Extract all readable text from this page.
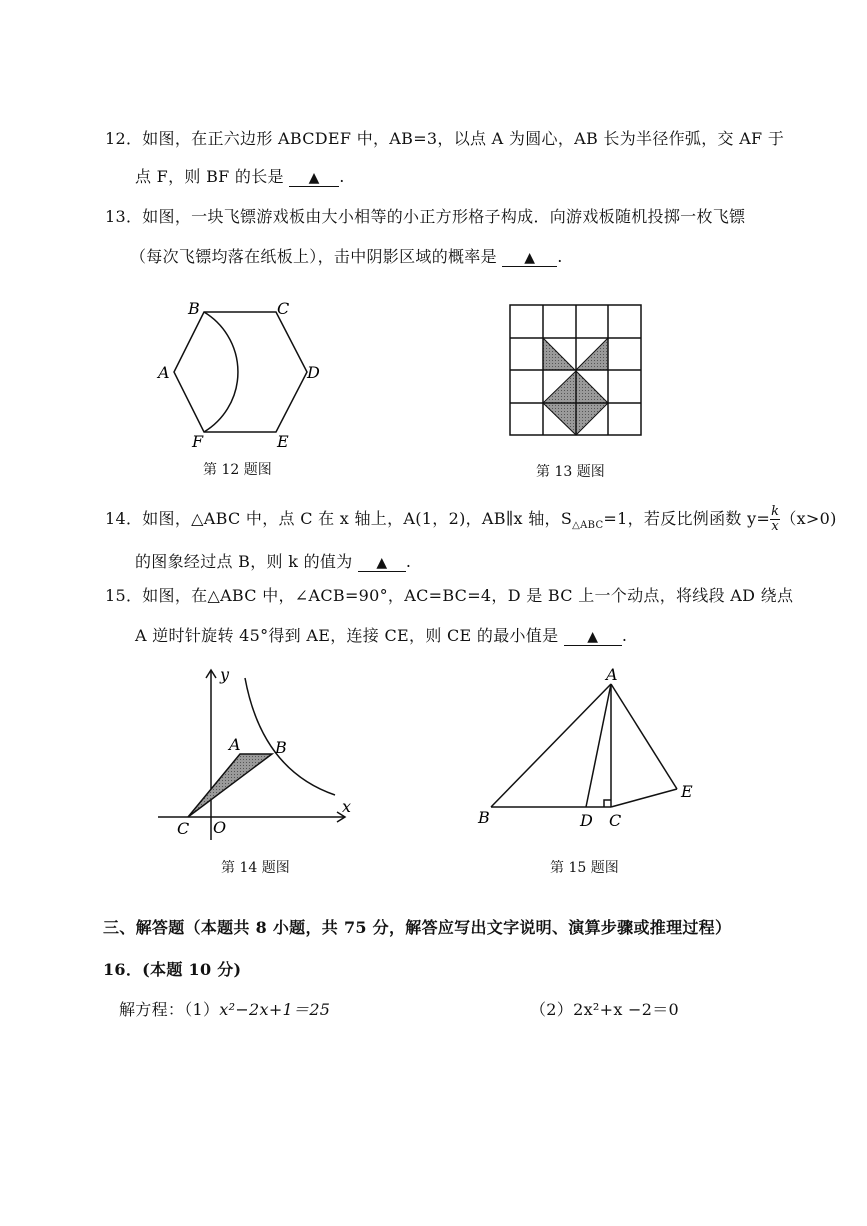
12．如图，在正六边形 ABCDEF 中，AB=3，以点 A 为圆心，AB 长为半径作弧，交 AF 于
点 F，则 BF 的长是 ▲ .
13．如图，一块飞镖游戏板由大小相等的小正方形格子构成．向游戏板随机投掷一枚飞镖
（每次飞镖均落在纸板上），击中阴影区域的概率是 ▲ .
B	C
A	D
F	E
第 12 题图	第 13 题图
14．如图，△ABC 中，点 C 在 x 轴上，A(1，2)，AB∥x 轴，$S_{\triangle ABC}=1$，若反比例函数 $y= \frac{k}{x} (x>0)$
的图象经过点 B，则 k 的值为 ▲ .
15．如图，在△ABC 中，∠ACB=90°，AC=BC=4，D 是 BC 上一个动点，将线段 AD 绕点
A 逆时针旋转 45°得到 AE，连接 CE，则 CE 的最小值是 ▲ .
y
x
A B
C O
第 14 题图
A
B	D C
E
第 15 题图
三、解答题（本题共 8 小题，共 75 分，解答应写出文字说明、演算步骤或推理过程）
16．(本题 10 分)
解方程：（1）x²−2x+1＝25	（2）2x²+x −2＝0
